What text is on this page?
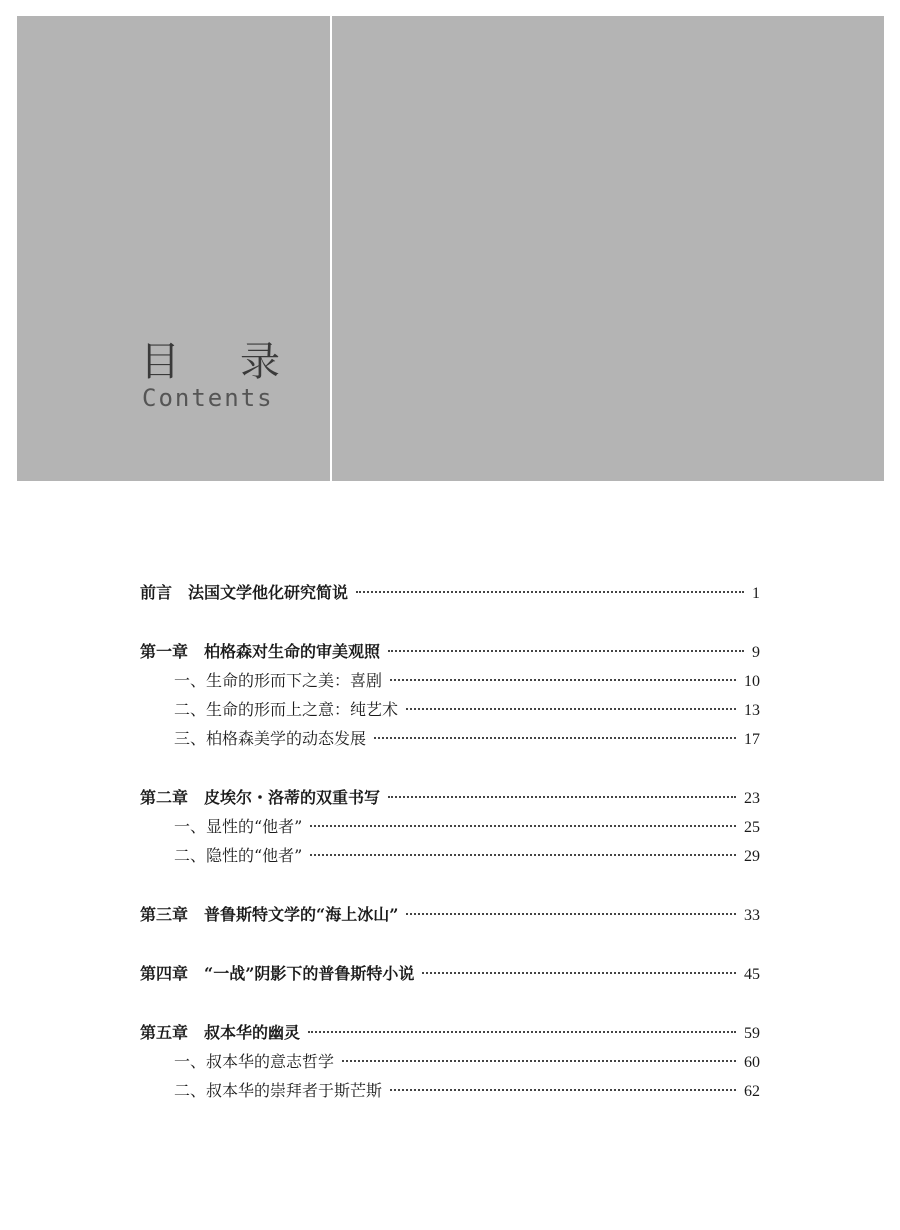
目 录
Contents
前言 法国文学他化研究简说	1
第一章 柏格森对生命的审美观照	9
一、生命的形而下之美：喜剧	10
二、生命的形而上之意：纯艺术	13
三、柏格森美学的动态发展	17
第二章 皮埃尔・洛蒂的双重书写	23
一、显性的“他者”	25
二、隐性的“他者”	29
第三章 普鲁斯特文学的“海上冰山”	33
第四章 “一战”阴影下的普鲁斯特小说	45
第五章 叔本华的幽灵	59
一、叔本华的意志哲学	60
二、叔本华的崇拜者于斯芒斯	62
